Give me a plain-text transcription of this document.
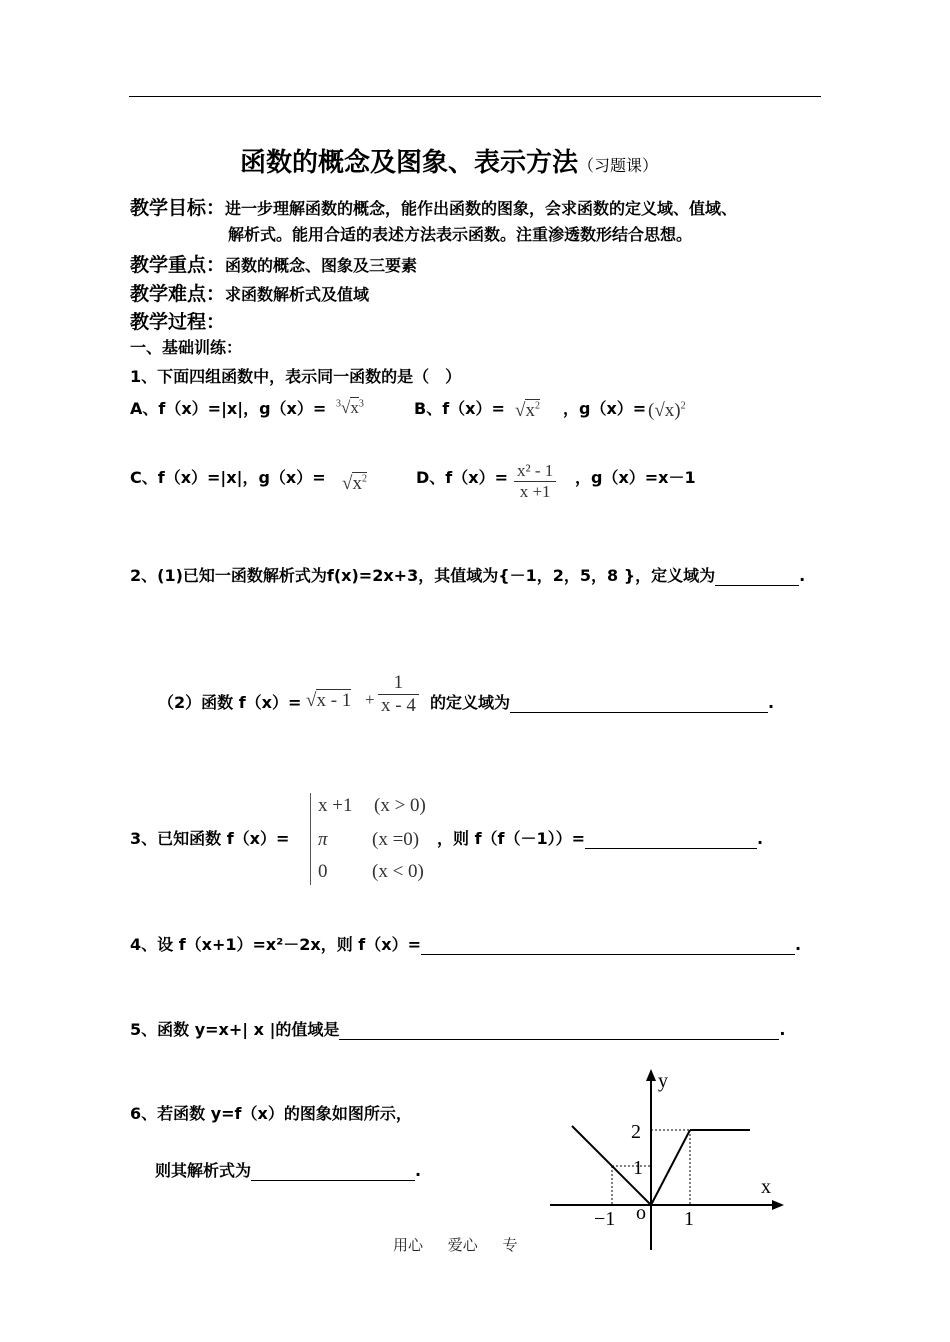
函数的概念及图象、表示方法（习题课）
教学目标：进一步理解函数的概念，能作出函数的图象，会求函数的定义域、值域、
解析式。能用合适的表述方法表示函数。注重渗透数形结合思想。
教学重点：函数的概念、图象及三要素
教学难点：求函数解析式及值域
教学过程：
一、基础训练：
1、下面四组函数中，表示同一函数的是（　）
A、f（x）=|x|，$g(x)= ^3√x^3$	B、$f(x)= √x^2$ ，$g(x)= (√x)^2$
C、f（x）=|x|，$g(x)= √x^2$	D、$f(x)= \frac{\text{x² - 1}}{x +1}$ ，g（x）=x－1
2、(1)已知一函数解析式为f(x)=2x+3，其值域为{－1，2，5，8 }，定义域为	.
（2）函数 $f(x)= √x - 1 + \frac{1}{x - 4}$ 的定义域为	.
3、已知函数 f（x）=
x +1 (x > 0)
π (x =0)
0 (x < 0)
，则 f（f（－1））=	.
4、设 f（x+1）=x²－2x，则 f（x）=	.
5、函数 y=x+| x |的值域是	.
6、若函数 y=f（x）的图象如图所示，
则其解析式为	.
y
x
o
2
1
−1	1
用心 爱心 专
